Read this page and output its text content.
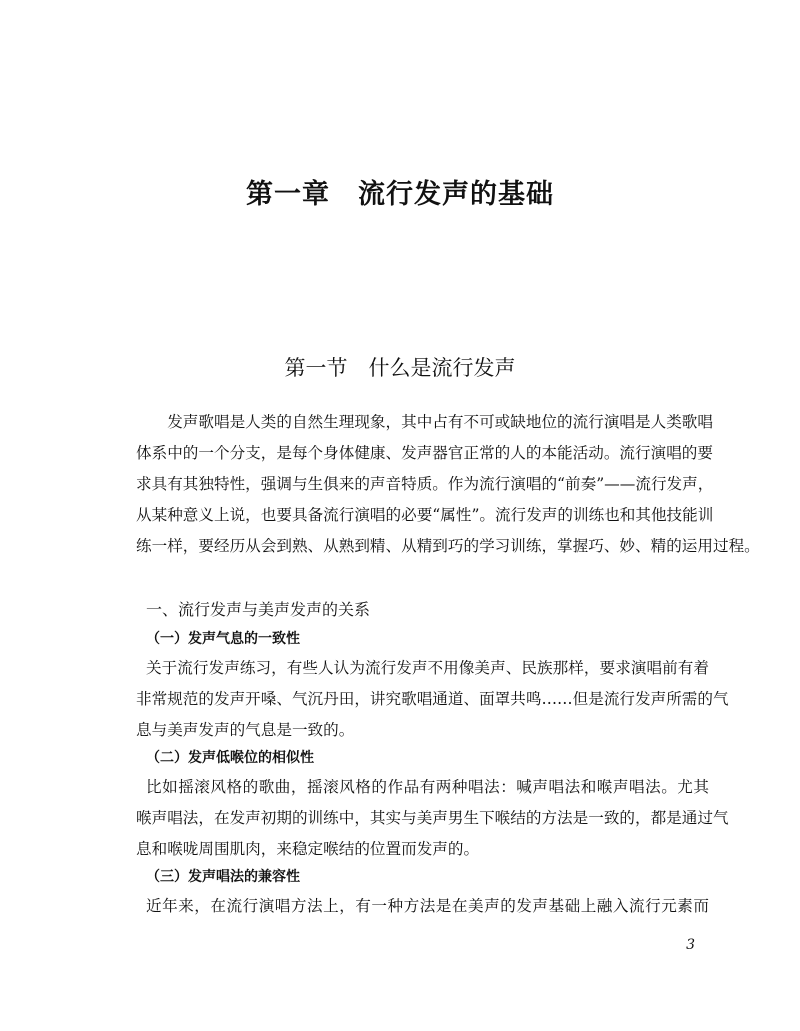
第一章　流行发声的基础
第一节　什么是流行发声
　　发声歌唱是人类的自然生理现象，其中占有不可或缺地位的流行演唱是人类歌唱
体系中的一个分支，是每个身体健康、发声器官正常的人的本能活动。流行演唱的要
求具有其独特性，强调与生俱来的声音特质。作为流行演唱的“前奏”——流行发声，
从某种意义上说，也要具备流行演唱的必要“属性”。流行发声的训练也和其他技能训
练一样，要经历从会到熟、从熟到精、从精到巧的学习训练，掌握巧、妙、精的运用过程。
一、流行发声与美声发声的关系
（一）发声气息的一致性
关于流行发声练习，有些人认为流行发声不用像美声、民族那样，要求演唱前有着
非常规范的发声开嗓、气沉丹田，讲究歌唱通道、面罩共鸣……但是流行发声所需的气
息与美声发声的气息是一致的。
（二）发声低喉位的相似性
比如摇滚风格的歌曲，摇滚风格的作品有两种唱法：喊声唱法和喉声唱法。尤其
喉声唱法，在发声初期的训练中，其实与美声男生下喉结的方法是一致的，都是通过气
息和喉咙周围肌肉，来稳定喉结的位置而发声的。
（三）发声唱法的兼容性
近年来，在流行演唱方法上，有一种方法是在美声的发声基础上融入流行元素而
3
